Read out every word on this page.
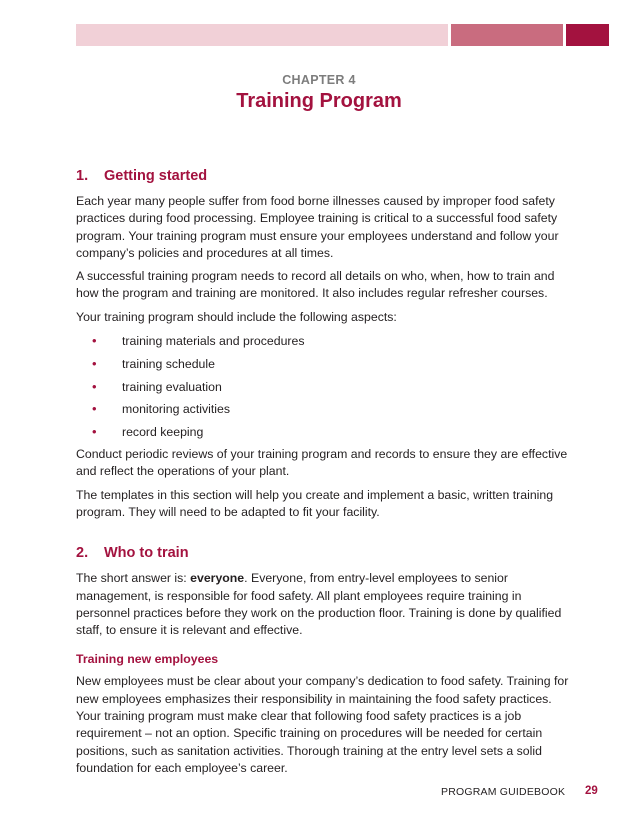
CHAPTER 4
Training Program
1. Getting started

Each year many people suffer from food borne illnesses caused by improper food safety practices during food processing. Employee training is critical to a successful food safety program. Your training program must ensure your employees understand and follow your company’s policies and procedures at all times.

A successful training program needs to record all details on who, when, how to train and how the program and training are monitored. It also includes regular refresher courses.

Your training program should include the following aspects:

•	training materials and procedures
•	training schedule
•	training evaluation
•	monitoring activities
•	record keeping

Conduct periodic reviews of your training program and records to ensure they are effective and reflect the operations of your plant.

The templates in this section will help you create and implement a basic, written training program. They will need to be adapted to fit your facility.

2. Who to train

The short answer is: everyone. Everyone, from entry-level employees to senior management, is responsible for food safety. All plant employees require training in personnel practices before they work on the production floor. Training is done by qualified staff, to ensure it is relevant and effective.

Training new employees

New employees must be clear about your company’s dedication to food safety. Training for new employees emphasizes their responsibility in maintaining the food safety practices. Your training program must make clear that following food safety practices is a job requirement – not an option. Specific training on procedures will be needed for certain positions, such as sanitation activities. Thorough training at the entry level sets a solid foundation for each employee’s career.

PROGRAM GUIDEBOOK 29
